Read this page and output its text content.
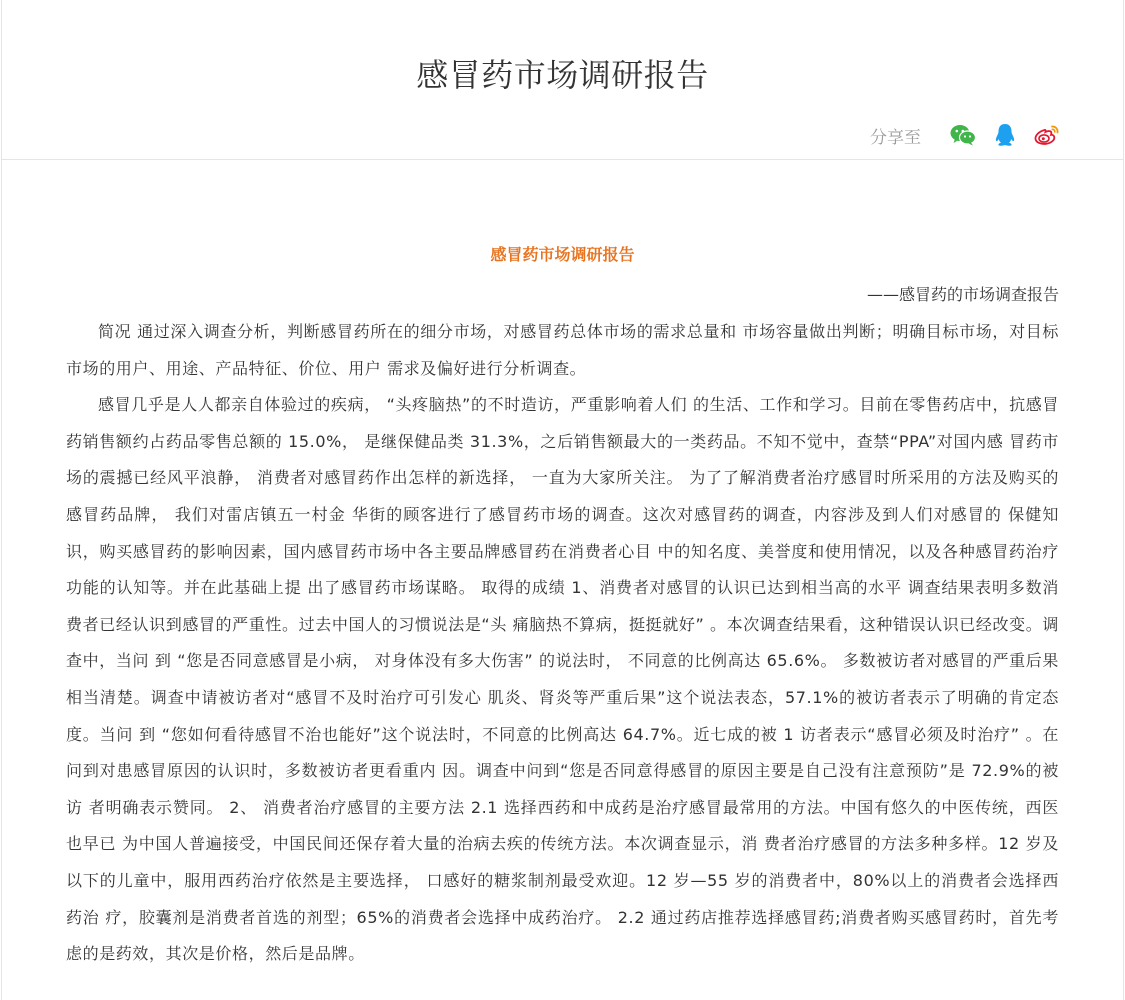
感冒药市场调研报告
分享至
感冒药市场调研报告
——感冒药的市场调查报告

简况 通过深入调查分析，判断感冒药所在的细分市场，对感冒药总体市场的需求总量和 市场容量做出判断；明确目标市场，对目标市场的用户、用途、产品特征、价位、用户 需求及偏好进行分析调查。

感冒几乎是人人都亲自体验过的疾病， “头疼脑热”的不时造访，严重影响着人们 的生活、工作和学习。目前在零售药店中，抗感冒药销售额约占药品零售总额的 15.0%， 是继保健品类 31.3%，之后销售额最大的一类药品。不知不觉中，查禁“PPA”对国内感 冒药市场的震撼已经风平浪静， 消费者对感冒药作出怎样的新选择， 一直为大家所关注。 为了了解消费者治疗感冒时所采用的方法及购买的感冒药品牌， 我们对雷店镇五一村金 华街的顾客进行了感冒药市场的调查。这次对感冒药的调查，内容涉及到人们对感冒的 保健知识，购买感冒药的影响因素，国内感冒药市场中各主要品牌感冒药在消费者心目 中的知名度、美誉度和使用情况，以及各种感冒药治疗功能的认知等。并在此基础上提 出了感冒药市场谋略。 取得的成绩 1、消费者对感冒的认识已达到相当高的水平 调查结果表明多数消费者已经认识到感冒的严重性。过去中国人的习惯说法是“头 痛脑热不算病，挺挺就好” 。本次调查结果看，这种错误认识已经改变。调查中，当问 到 “您是否同意感冒是小病， 对身体没有多大伤害” 的说法时， 不同意的比例高达 65.6%。 多数被访者对感冒的严重后果相当清楚。调查中请被访者对“感冒不及时治疗可引发心 肌炎、肾炎等严重后果”这个说法表态，57.1%的被访者表示了明确的肯定态度。当问 到 “您如何看待感冒不治也能好”这个说法时，不同意的比例高达 64.7%。近七成的被 1 访者表示“感冒必须及时治疗” 。在问到对患感冒原因的认识时，多数被访者更看重内 因。调查中问到“您是否同意得感冒的原因主要是自己没有注意预防”是 72.9%的被访 者明确表示赞同。 2、 消费者治疗感冒的主要方法 2.1 选择西药和中成药是治疗感冒最常用的方法。中国有悠久的中医传统，西医也早已 为中国人普遍接受，中国民间还保存着大量的治病去疾的传统方法。本次调查显示，消 费者治疗感冒的方法多种多样。12 岁及以下的儿童中，服用西药治疗依然是主要选择， 口感好的糖浆制剂最受欢迎。12 岁—55 岁的消费者中，80%以上的消费者会选择西药治 疗，胶囊剂是消费者首选的剂型；65%的消费者会选择中成药治疗。 2.2 通过药店推荐选择感冒药;消费者购买感冒药时，首先考虑的是药效，其次是价格，然后是品牌。
